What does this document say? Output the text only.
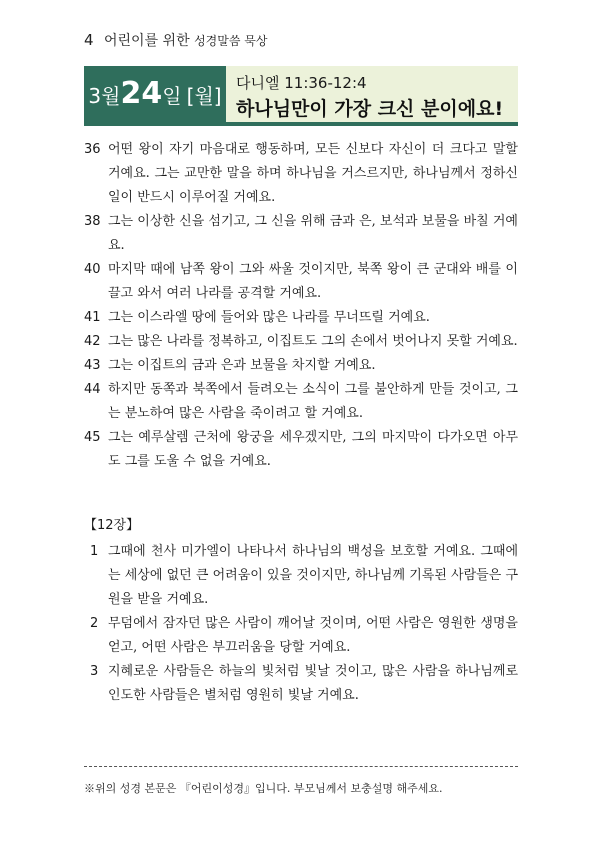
4 어린이를 위한 성경말씀 묵상
3월24일 [월]
다니엘 11:36-12:4
하나님만이 가장 크신 분이에요!
36 어떤 왕이 자기 마음대로 행동하며, 모든 신보다 자신이 더 크다고 말할 거예요. 그는 교만한 말을 하며 하나님을 거스르지만, 하나님께서 정하신 일이 반드시 이루어질 거예요.
38 그는 이상한 신을 섬기고, 그 신을 위해 금과 은, 보석과 보물을 바칠 거예요.
40 마지막 때에 남쪽 왕이 그와 싸울 것이지만, 북쪽 왕이 큰 군대와 배를 이끌고 와서 여러 나라를 공격할 거예요.
41 그는 이스라엘 땅에 들어와 많은 나라를 무너뜨릴 거예요.
42 그는 많은 나라를 정복하고, 이집트도 그의 손에서 벗어나지 못할 거예요.
43 그는 이집트의 금과 은과 보물을 차지할 거예요.
44 하지만 동쪽과 북쪽에서 들려오는 소식이 그를 불안하게 만들 것이고, 그는 분노하여 많은 사람을 죽이려고 할 거예요.
45 그는 예루살렘 근처에 왕궁을 세우겠지만, 그의 마지막이 다가오면 아무도 그를 도울 수 없을 거예요.
【12장】
1 그때에 천사 미가엘이 나타나서 하나님의 백성을 보호할 거예요. 그때에는 세상에 없던 큰 어려움이 있을 것이지만, 하나님께 기록된 사람들은 구원을 받을 거예요.
2 무덤에서 잠자던 많은 사람이 깨어날 것이며, 어떤 사람은 영원한 생명을 얻고, 어떤 사람은 부끄러움을 당할 거예요.
3 지혜로운 사람들은 하늘의 빛처럼 빛날 것이고, 많은 사람을 하나님께로 인도한 사람들은 별처럼 영원히 빛날 거예요.
※위의 성경 본문은 『어린이성경』입니다. 부모님께서 보충설명 해주세요.
